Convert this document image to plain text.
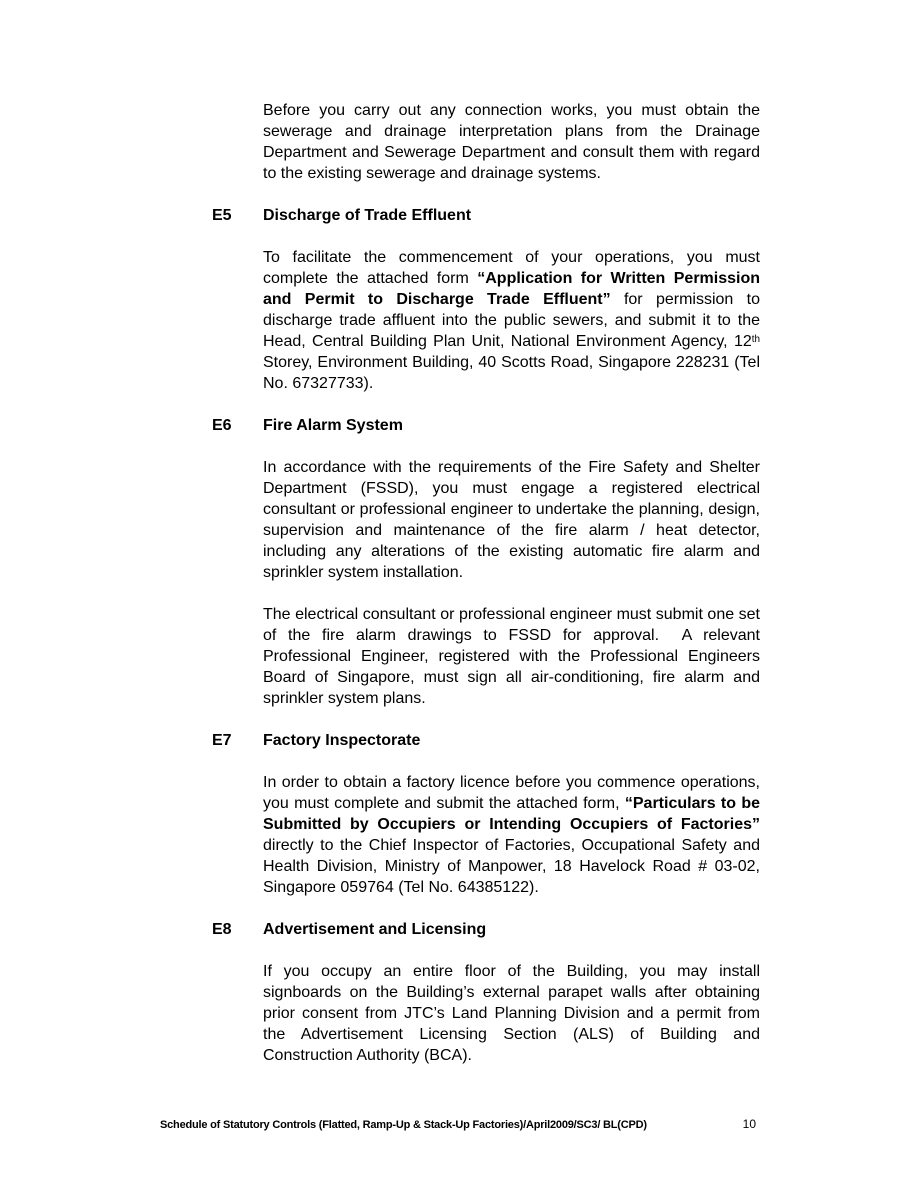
Before you carry out any connection works, you must obtain the sewerage and drainage interpretation plans from the Drainage Department and Sewerage Department and consult them with regard to the existing sewerage and drainage systems.

E5	Discharge of Trade Effluent

To facilitate the commencement of your operations, you must complete the attached form “Application for Written Permission and Permit to Discharge Trade Effluent” for permission to discharge trade affluent into the public sewers, and submit it to the Head, Central Building Plan Unit, National Environment Agency, 12th Storey, Environment Building, 40 Scotts Road, Singapore 228231 (Tel No. 67327733).

E6	Fire Alarm System

In accordance with the requirements of the Fire Safety and Shelter Department (FSSD), you must engage a registered electrical consultant or professional engineer to undertake the planning, design, supervision and maintenance of the fire alarm / heat detector, including any alterations of the existing automatic fire alarm and sprinkler system installation.

The electrical consultant or professional engineer must submit one set of the fire alarm drawings to FSSD for approval.  A relevant Professional Engineer, registered with the Professional Engineers Board of Singapore, must sign all air-conditioning, fire alarm and sprinkler system plans.

E7	Factory Inspectorate

In order to obtain a factory licence before you commence operations, you must complete and submit the attached form, “Particulars to be Submitted by Occupiers or Intending Occupiers of Factories” directly to the Chief Inspector of Factories, Occupational Safety and Health Division, Ministry of Manpower, 18 Havelock Road # 03-02, Singapore 059764 (Tel No. 64385122).

E8	Advertisement and Licensing

If you occupy an entire floor of the Building, you may install signboards on the Building’s external parapet walls after obtaining prior consent from JTC’s Land Planning Division and a permit from the Advertisement Licensing Section (ALS) of Building and Construction Authority (BCA).

Schedule of Statutory Controls (Flatted, Ramp-Up & Stack-Up Factories)/April2009/SC3/ BL(CPD)	10
